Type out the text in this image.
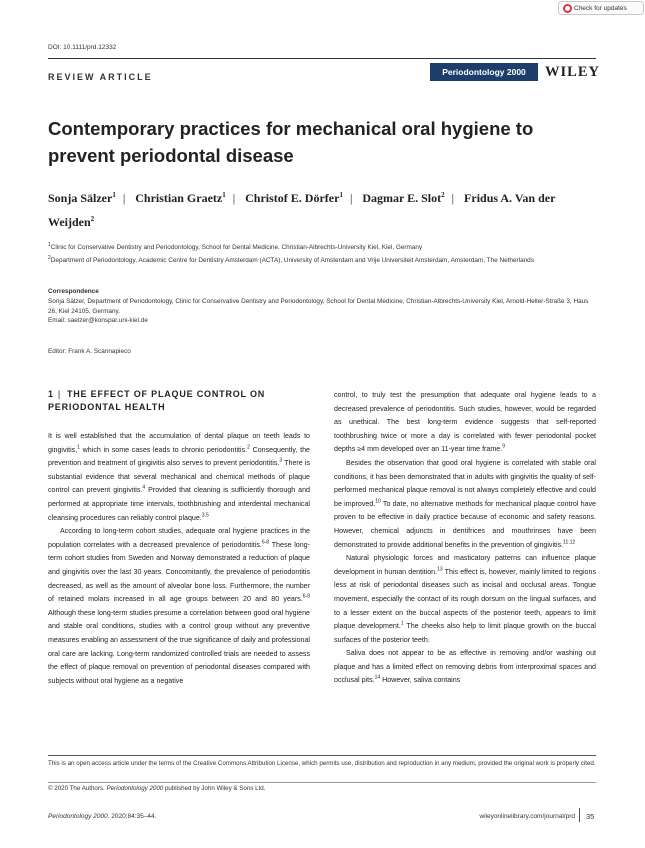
Check for updates
DOI: 10.1111/prd.12332
REVIEW ARTICLE	Periodontology 2000	WILEY
Contemporary practices for mechanical oral hygiene to prevent periodontal disease
Sonja Sälzer$^1$ | Christian Graetz$^1$ | Christof E. Dörfer$^1$ | Dagmar E. Slot$^2$ | Fridus A. Van der Weijden$^2$
$^1$Clinic for Conservative Dentistry and Periodontology, School for Dental Medicine, Christian-Albrechts-University Kiel, Kiel, Germany
$^2$Department of Periodontology, Academic Centre for Dentistry Amsterdam (ACTA), University of Amsterdam and Vrije Universiteit Amsterdam, Amsterdam, The Netherlands
Correspondence
Sonja Sälzer, Department of Periodontology, Clinic for Conservative Dentistry and Periodontology, School for Dental Medicine, Christian-Albrechts-University Kiel, Arnold-Heller-Straße 3, Haus 26, Kiel 24105, Germany.
Email: saelzer@konspar.uni-kiel.de
Editor: Frank A. Scannapieco
1 | THE EFFECT OF PLAQUE CONTROL ON PERIODONTAL HEALTH

It is well established that the accumulation of dental plaque on teeth leads to gingivitis,$^1$ which in some cases leads to chronic periodontitis.$^2$ Consequently, the prevention and treatment of gingivitis also serves to prevent periodontitis.$^3$ There is substantial evidence that several mechanical and chemical methods of plaque control can prevent gingivitis.$^4$ Provided that cleaning is sufficiently thorough and performed at appropriate time intervals, toothbrushing and interdental mechanical cleansing procedures can reliably control plaque.$^{3,5}$

According to long-term cohort studies, adequate oral hygiene practices in the population correlates with a decreased prevalence of periodontitis.$^{6-8}$ These long-term cohort studies from Sweden and Norway demonstrated a reduction of plaque and gingivitis over the last 30 years. Concomitantly, the prevalence of periodontitis decreased, as well as the amount of alveolar bone loss. Furthermore, the number of retained molars increased in all age groups between 20 and 80 years.$^{6-8}$ Although these long-term studies presume a correlation between good oral hygiene and stable oral conditions, studies with a control group without any preventive measures enabling an assessment of the true significance of daily and professional oral care are lacking. Long-term randomized controlled trials are needed to assess the effect of plaque removal on prevention of periodontal diseases compared with subjects without oral hygiene as a negative

control, to truly test the presumption that adequate oral hygiene leads to a decreased prevalence of periodontitis. Such studies, however, would be regarded as unethical. The best long-term evidence suggests that self-reported toothbrushing twice or more a day is correlated with fewer periodontal pocket depths ≥4 mm developed over an 11-year time frame.$^9$

Besides the observation that good oral hygiene is correlated with stable oral conditions, it has been demonstrated that in adults with gingivitis the quality of self-performed mechanical plaque removal is not always completely effective and could be improved.$^{10}$ To date, no alternative methods for mechanical plaque control have proven to be effective in daily practice because of economic and safety reasons. However, chemical adjuncts in dentifrices and mouthrinses have been demonstrated to provide additional benefits in the prevention of gingivitis.$^{11,12}$

Natural physiologic forces and masticatory patterns can influence plaque development in human dentition.$^{13}$ This effect is, however, mainly limited to regions less at risk of periodontal diseases such as incisal and occlusal areas. Tongue movement, especially the contact of its rough dorsum on the lingual surfaces, and to a lesser extent on the buccal aspects of the posterior teeth, appears to limit plaque development.$^1$ The cheeks also help to limit plaque growth on the buccal surfaces of the posterior teeth.

Saliva does not appear to be as effective in removing and/or washing out plaque and has a limited effect on removing debris from interproximal spaces and occlusal pits.$^{14}$ However, saliva contains

This is an open access article under the terms of the Creative Commons Attribution License, which permits use, distribution and reproduction in any medium, provided the original work is properly cited.
© 2020 The Authors. Periodontology 2000 published by John Wiley & Sons Ltd.
Periodontology 2000. 2020;84:35–44.	wileyonlinelibrary.com/journal/prd 35
